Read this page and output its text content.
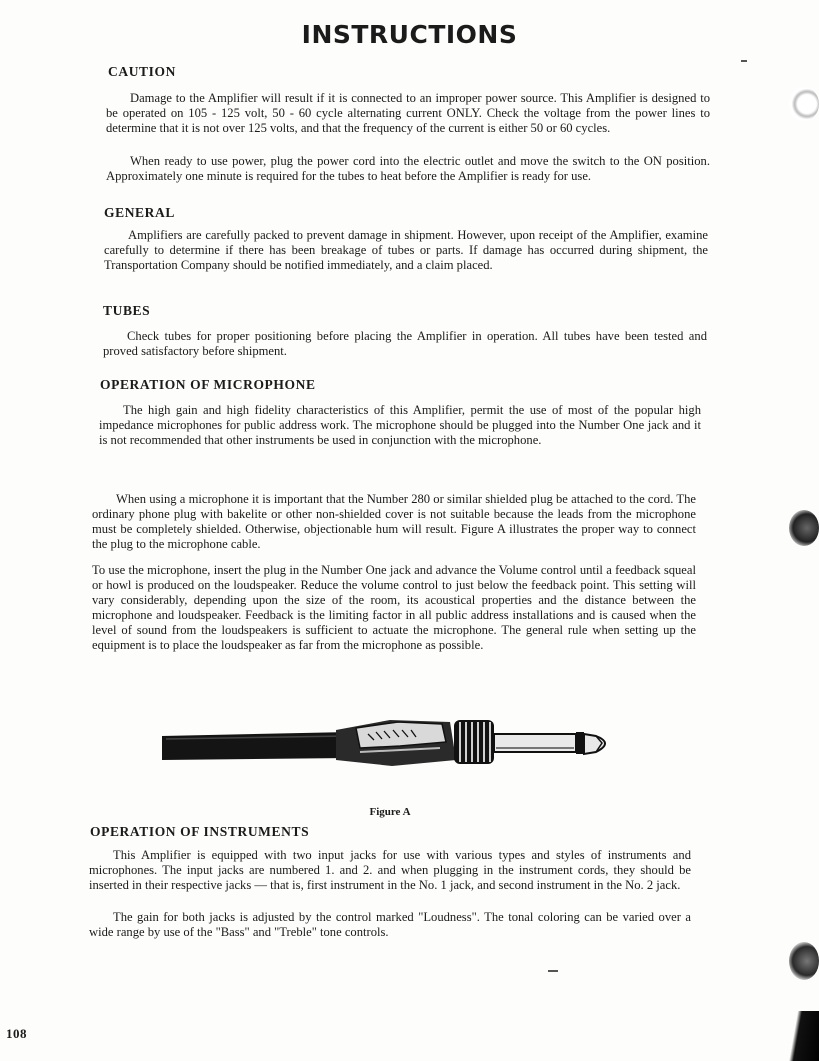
INSTRUCTIONS
CAUTION

Damage to the Amplifier will result if it is connected to an improper power source. This Amplifier is designed to be operated on 105 - 125 volt, 50 - 60 cycle alternating current ONLY. Check the voltage from the power lines to determine that it is not over 125 volts, and that the frequency of the current is either 50 or 60 cycles.

When ready to use power, plug the power cord into the electric outlet and move the switch to the ON position. Approximately one minute is required for the tubes to heat before the Amplifier is ready for use.

GENERAL

Amplifiers are carefully packed to prevent damage in shipment. However, upon receipt of the Amplifier, examine carefully to determine if there has been breakage of tubes or parts. If damage has occurred during shipment, the Transportation Company should be notified immediately, and a claim placed.

TUBES

Check tubes for proper positioning before placing the Amplifier in operation. All tubes have been tested and proved satisfactory before shipment.

OPERATION OF MICROPHONE

The high gain and high fidelity characteristics of this Amplifier, permit the use of most of the popular high impedance microphones for public address work. The microphone should be plugged into the Number One jack and it is not recommended that other instruments be used in conjunction with the microphone.

When using a microphone it is important that the Number 280 or similar shielded plug be attached to the cord. The ordinary phone plug with bakelite or other non-shielded cover is not suitable because the leads from the microphone must be completely shielded. Otherwise, objectionable hum will result. Figure A illustrates the proper way to connect the plug to the microphone cable.

To use the microphone, insert the plug in the Number One jack and advance the Volume control until a feedback squeal or howl is produced on the loudspeaker. Reduce the volume control to just below the feedback point. This setting will vary considerably, depending upon the size of the room, its acoustical properties and the distance between the microphone and loudspeaker. Feedback is the limiting factor in all public address installations and is caused when the level of sound from the loudspeakers is sufficient to actuate the microphone. The general rule when setting up the equipment is to place the loudspeaker as far from the microphone as possible.

Figure A

OPERATION OF INSTRUMENTS

This Amplifier is equipped with two input jacks for use with various types and styles of instruments and microphones. The input jacks are numbered 1. and 2. and when plugging in the instrument cords, they should be inserted in their respective jacks — that is, first instrument in the No. 1 jack, and second instrument in the No. 2 jack.

The gain for both jacks is adjusted by the control marked "Loudness". The tonal coloring can be varied over a wide range by use of the "Bass" and "Treble" tone controls.

108
